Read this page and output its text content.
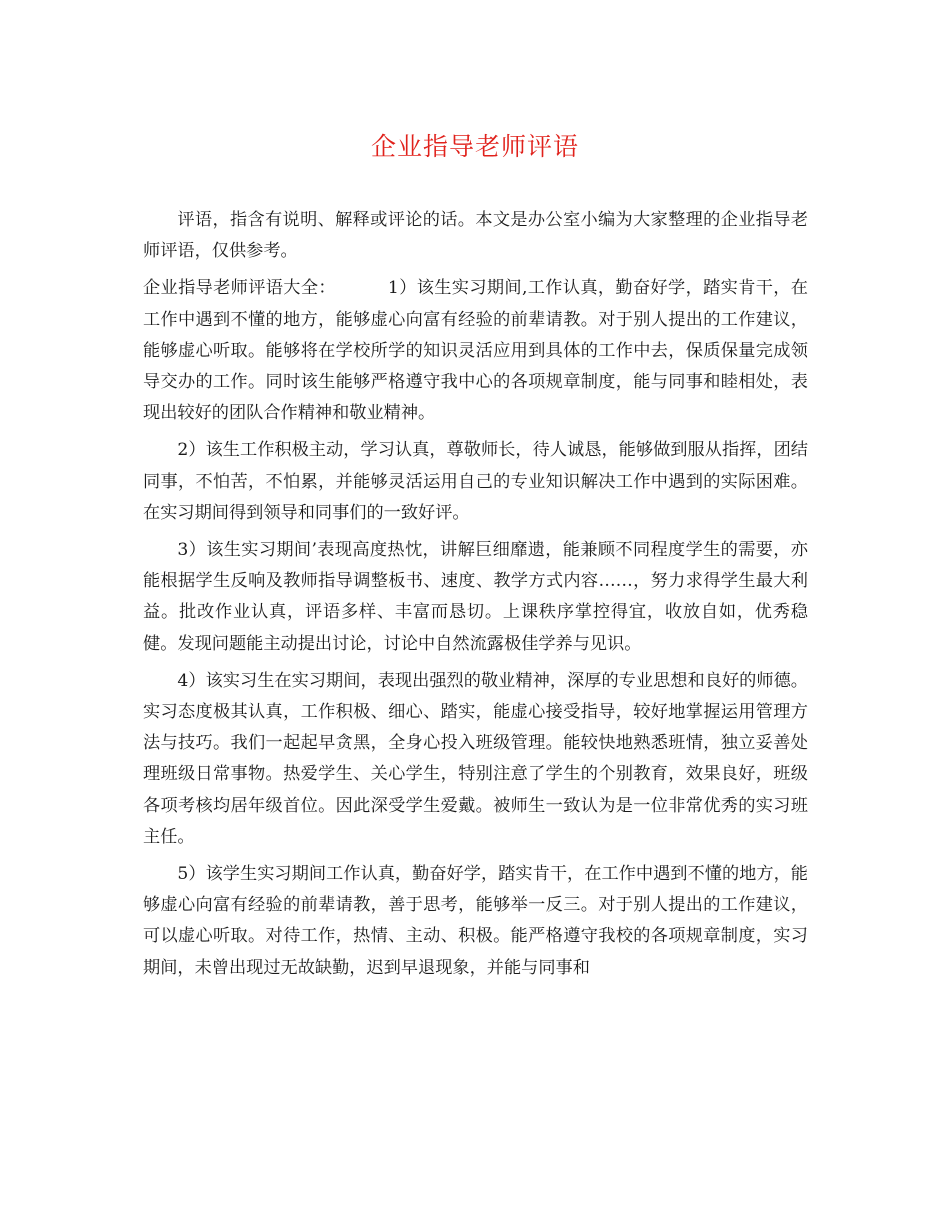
企业指导老师评语

评语，指含有说明、解释或评论的话。本文是办公室小编为大家整理的企业指导老师评语，仅供参考。

企业指导老师评语大全：	1）该生实习期间,工作认真，勤奋好学，踏实肯干，在工作中遇到不懂的地方，能够虚心向富有经验的前辈请教。对于别人提出的工作建议，能够虚心听取。能够将在学校所学的知识灵活应用到具体的工作中去，保质保量完成领导交办的工作。同时该生能够严格遵守我中心的各项规章制度，能与同事和睦相处，表现出较好的团队合作精神和敬业精神。

2）该生工作积极主动，学习认真，尊敬师长，待人诚恳，能够做到服从指挥，团结同事，不怕苦，不怕累，并能够灵活运用自己的专业知识解决工作中遇到的实际困难。在实习期间得到领导和同事们的一致好评。

3）该生实习期间’表现高度热忱，讲解巨细靡遗，能兼顾不同程度学生的需要，亦能根据学生反响及教师指导调整板书、速度、教学方式内容……，努力求得学生最大利益。批改作业认真，评语多样、丰富而恳切。上课秩序掌控得宜，收放自如，优秀稳健。发现问题能主动提出讨论，讨论中自然流露极佳学养与见识。

4）该实习生在实习期间，表现出强烈的敬业精神，深厚的专业思想和良好的师德。实习态度极其认真，工作积极、细心、踏实，能虚心接受指导，较好地掌握运用管理方法与技巧。我们一起起早贪黑，全身心投入班级管理。能较快地熟悉班情，独立妥善处理班级日常事物。热爱学生、关心学生，特别注意了学生的个别教育，效果良好，班级各项考核均居年级首位。因此深受学生爱戴。被师生一致认为是一位非常优秀的实习班主任。

5）该学生实习期间工作认真，勤奋好学，踏实肯干，在工作中遇到不懂的地方，能够虚心向富有经验的前辈请教，善于思考，能够举一反三。对于别人提出的工作建议，可以虚心听取。对待工作，热情、主动、积极。能严格遵守我校的各项规章制度，实习期间，未曾出现过无故缺勤，迟到早退现象，并能与同事和
